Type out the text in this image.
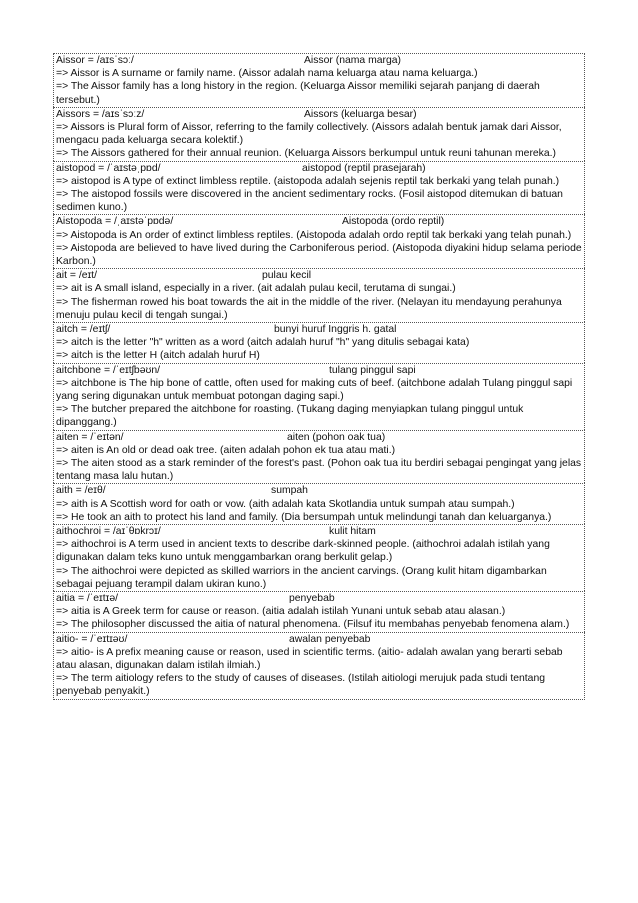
Aissor = /aɪsˈsɔː/	Aissor (nama marga)
=> Aissor is A surname or family name. (Aissor adalah nama keluarga atau nama keluarga.)
=> The Aissor family has a long history in the region. (Keluarga Aissor memiliki sejarah panjang di daerah tersebut.)
Aissors = /aɪsˈsɔːz/	Aissors (keluarga besar)
=> Aissors is Plural form of Aissor, referring to the family collectively. (Aissors adalah bentuk jamak dari Aissor, mengacu pada keluarga secara kolektif.)
=> The Aissors gathered for their annual reunion. (Keluarga Aissors berkumpul untuk reuni tahunan mereka.)
aistopod = /ˈaɪstəˌpɒd/	aistopod (reptil prasejarah)
=> aistopod is A type of extinct limbless reptile. (aistopoda adalah sejenis reptil tak berkaki yang telah punah.)
=> The aistopod fossils were discovered in the ancient sedimentary rocks. (Fosil aistopod ditemukan di batuan sedimen kuno.)
Aistopoda = /ˌaɪstəˈpɒdə/	Aistopoda (ordo reptil)
=> Aistopoda is An order of extinct limbless reptiles. (Aistopoda adalah ordo reptil tak berkaki yang telah punah.)
=> Aistopoda are believed to have lived during the Carboniferous period. (Aistopoda diyakini hidup selama periode Karbon.)
ait = /eɪt/	pulau kecil
=> ait is A small island, especially in a river. (ait adalah pulau kecil, terutama di sungai.)
=> The fisherman rowed his boat towards the ait in the middle of the river. (Nelayan itu mendayung perahunya menuju pulau kecil di tengah sungai.)
aitch = /eɪtʃ/	bunyi huruf Inggris h. gatal
=> aitch is the letter "h" written as a word (aitch adalah huruf "h" yang ditulis sebagai kata)
=> aitch is the letter H (aitch adalah huruf H)
aitchbone = /ˈeɪtʃbəʊn/	tulang pinggul sapi
=> aitchbone is The hip bone of cattle, often used for making cuts of beef. (aitchbone adalah Tulang pinggul sapi yang sering digunakan untuk membuat potongan daging sapi.)
=> The butcher prepared the aitchbone for roasting. (Tukang daging menyiapkan tulang pinggul untuk dipanggang.)
aiten = /ˈeɪtən/	aiten (pohon oak tua)
=> aiten is An old or dead oak tree. (aiten adalah pohon ek tua atau mati.)
=> The aiten stood as a stark reminder of the forest's past. (Pohon oak tua itu berdiri sebagai pengingat yang jelas tentang masa lalu hutan.)
aith = /eɪθ/	sumpah
=> aith is A Scottish word for oath or vow. (aith adalah kata Skotlandia untuk sumpah atau sumpah.)
=> He took an aith to protect his land and family. (Dia bersumpah untuk melindungi tanah dan keluarganya.)
aithochroi = /aɪˈθɒkrɔɪ/	kulit hitam
=> aithochroi is A term used in ancient texts to describe dark-skinned people. (aithochroi adalah istilah yang digunakan dalam teks kuno untuk menggambarkan orang berkulit gelap.)
=> The aithochroi were depicted as skilled warriors in the ancient carvings. (Orang kulit hitam digambarkan sebagai pejuang terampil dalam ukiran kuno.)
aitia = /ˈeɪtɪə/	penyebab
=> aitia is A Greek term for cause or reason. (aitia adalah istilah Yunani untuk sebab atau alasan.)
=> The philosopher discussed the aitia of natural phenomena. (Filsuf itu membahas penyebab fenomena alam.)
aitio- = /ˈeɪtɪəʊ/	awalan penyebab
=> aitio- is A prefix meaning cause or reason, used in scientific terms. (aitio- adalah awalan yang berarti sebab atau alasan, digunakan dalam istilah ilmiah.)
=> The term aitiology refers to the study of causes of diseases. (Istilah aitiologi merujuk pada studi tentang penyebab penyakit.)
